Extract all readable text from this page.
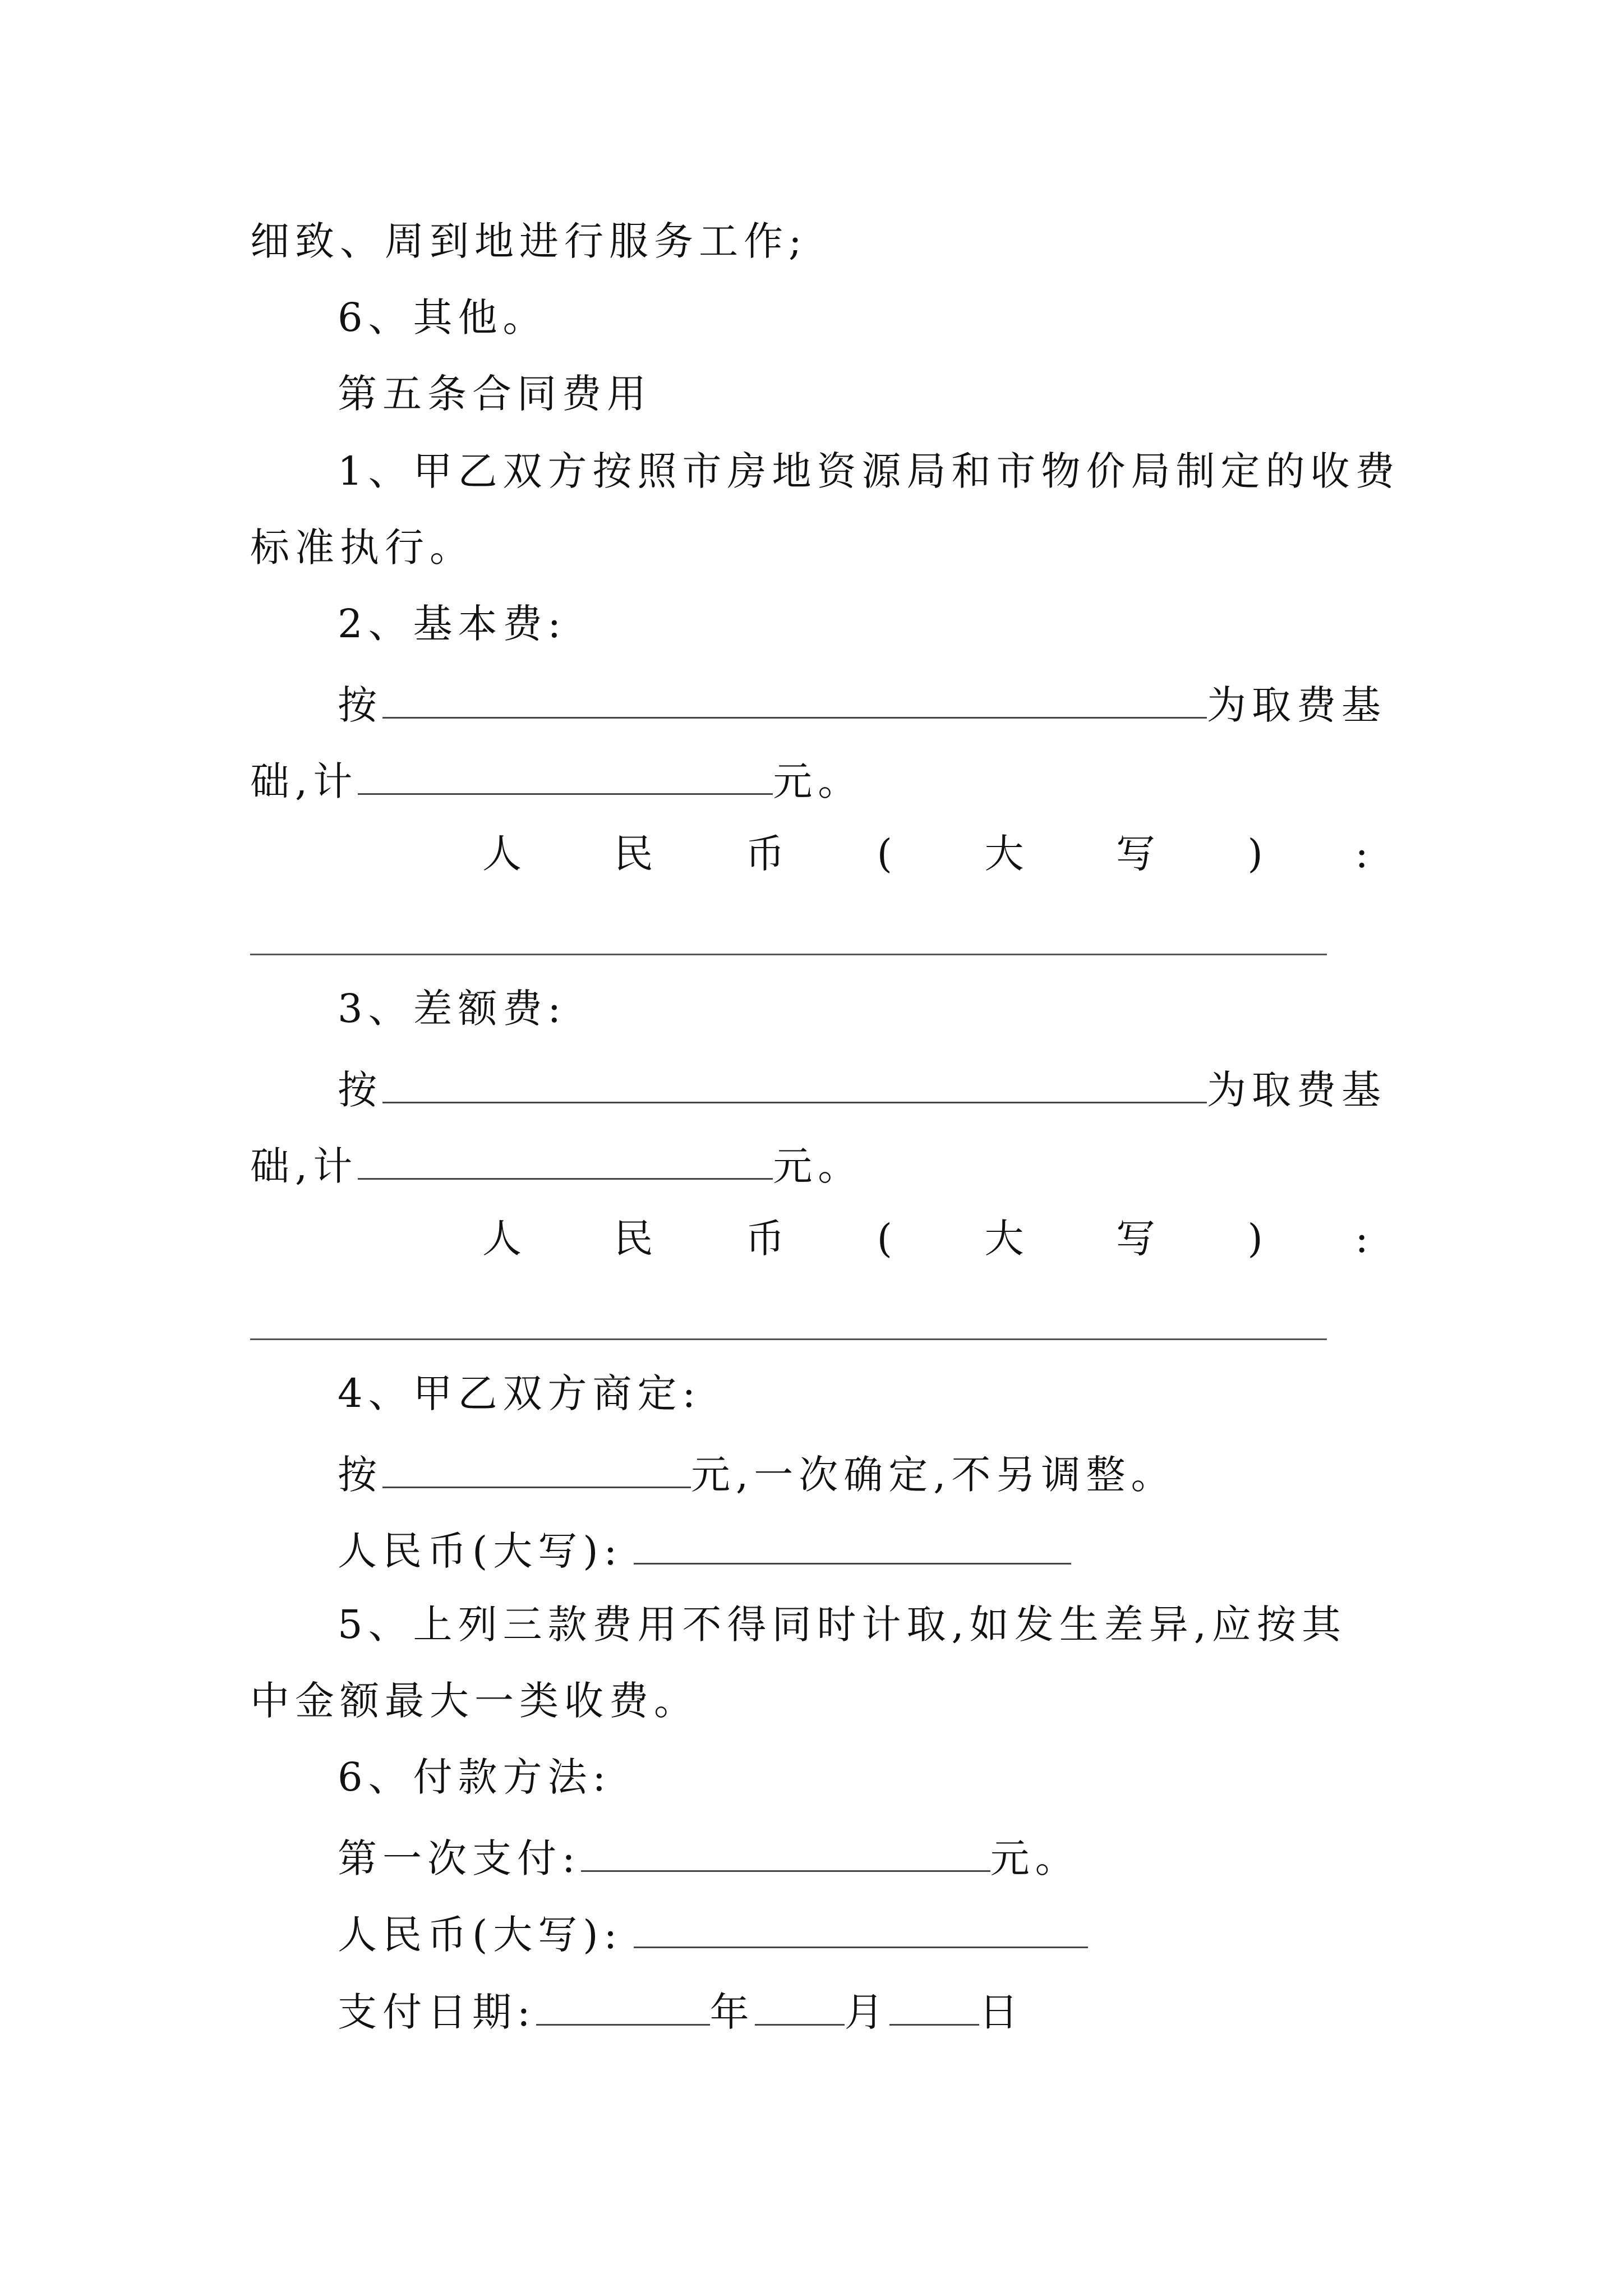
细致、周到地进行服务工作;
6、其他。
第五条合同费用
1、甲乙双方按照市房地资源局和市物价局制定的收费
标准执行。
2、基本费:
按	为取费基
础,计	元。
人 民 币 ( 大 写 ) :
3、差额费:
按	为取费基
础,计	元。
人 民 币 ( 大 写 ) :
4、甲乙双方商定:
按	元,一次确定,不另调整。
人民币(大写):
5、上列三款费用不得同时计取,如发生差异,应按其
中金额最大一类收费。
6、付款方法:
第一次支付:	元。
人民币(大写):
支付日期:	年 月 日
